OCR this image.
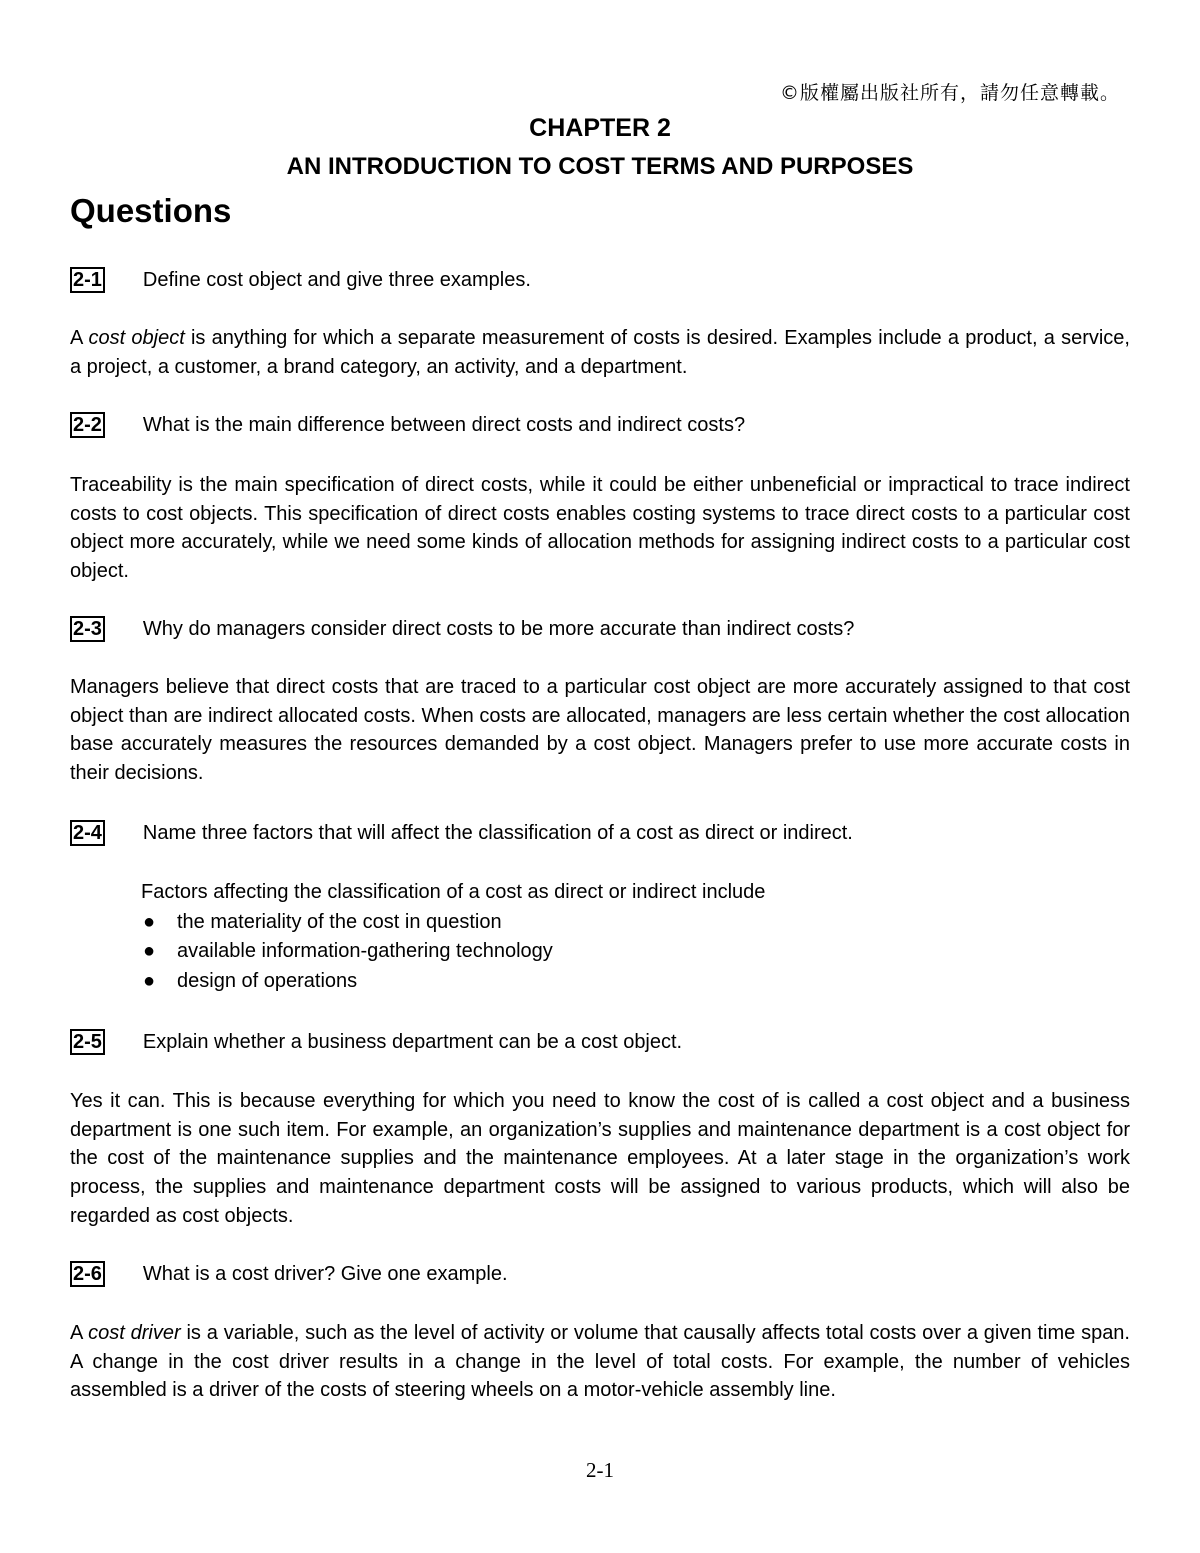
©版權屬出版社所有，請勿任意轉載。
CHAPTER 2
AN INTRODUCTION TO COST TERMS AND PURPOSES
Questions
2-1 Define cost object and give three examples.
A cost object is anything for which a separate measurement of costs is desired. Examples include a product, a service, a project, a customer, a brand category, an activity, and a department.
2-2 What is the main difference between direct costs and indirect costs?
Traceability is the main specification of direct costs, while it could be either unbeneficial or impractical to trace indirect costs to cost objects. This specification of direct costs enables costing systems to trace direct costs to a particular cost object more accurately, while we need some kinds of allocation methods for assigning indirect costs to a particular cost object.
2-3 Why do managers consider direct costs to be more accurate than indirect costs?
Managers believe that direct costs that are traced to a particular cost object are more accurately assigned to that cost object than are indirect allocated costs. When costs are allocated, managers are less certain whether the cost allocation base accurately measures the resources demanded by a cost object. Managers prefer to use more accurate costs in their decisions.
2-4 Name three factors that will affect the classification of a cost as direct or indirect.
Factors affecting the classification of a cost as direct or indirect include
● the materiality of the cost in question
● available information-gathering technology
● design of operations
2-5 Explain whether a business department can be a cost object.
Yes it can. This is because everything for which you need to know the cost of is called a cost object and a business department is one such item. For example, an organization’s supplies and maintenance department is a cost object for the cost of the maintenance supplies and the maintenance employees. At a later stage in the organization’s work process, the supplies and maintenance department costs will be assigned to various products, which will also be regarded as cost objects.
2-6 What is a cost driver? Give one example.
A cost driver is a variable, such as the level of activity or volume that causally affects total costs over a given time span. A change in the cost driver results in a change in the level of total costs. For example, the number of vehicles assembled is a driver of the costs of steering wheels on a motor-vehicle assembly line.
2-1
